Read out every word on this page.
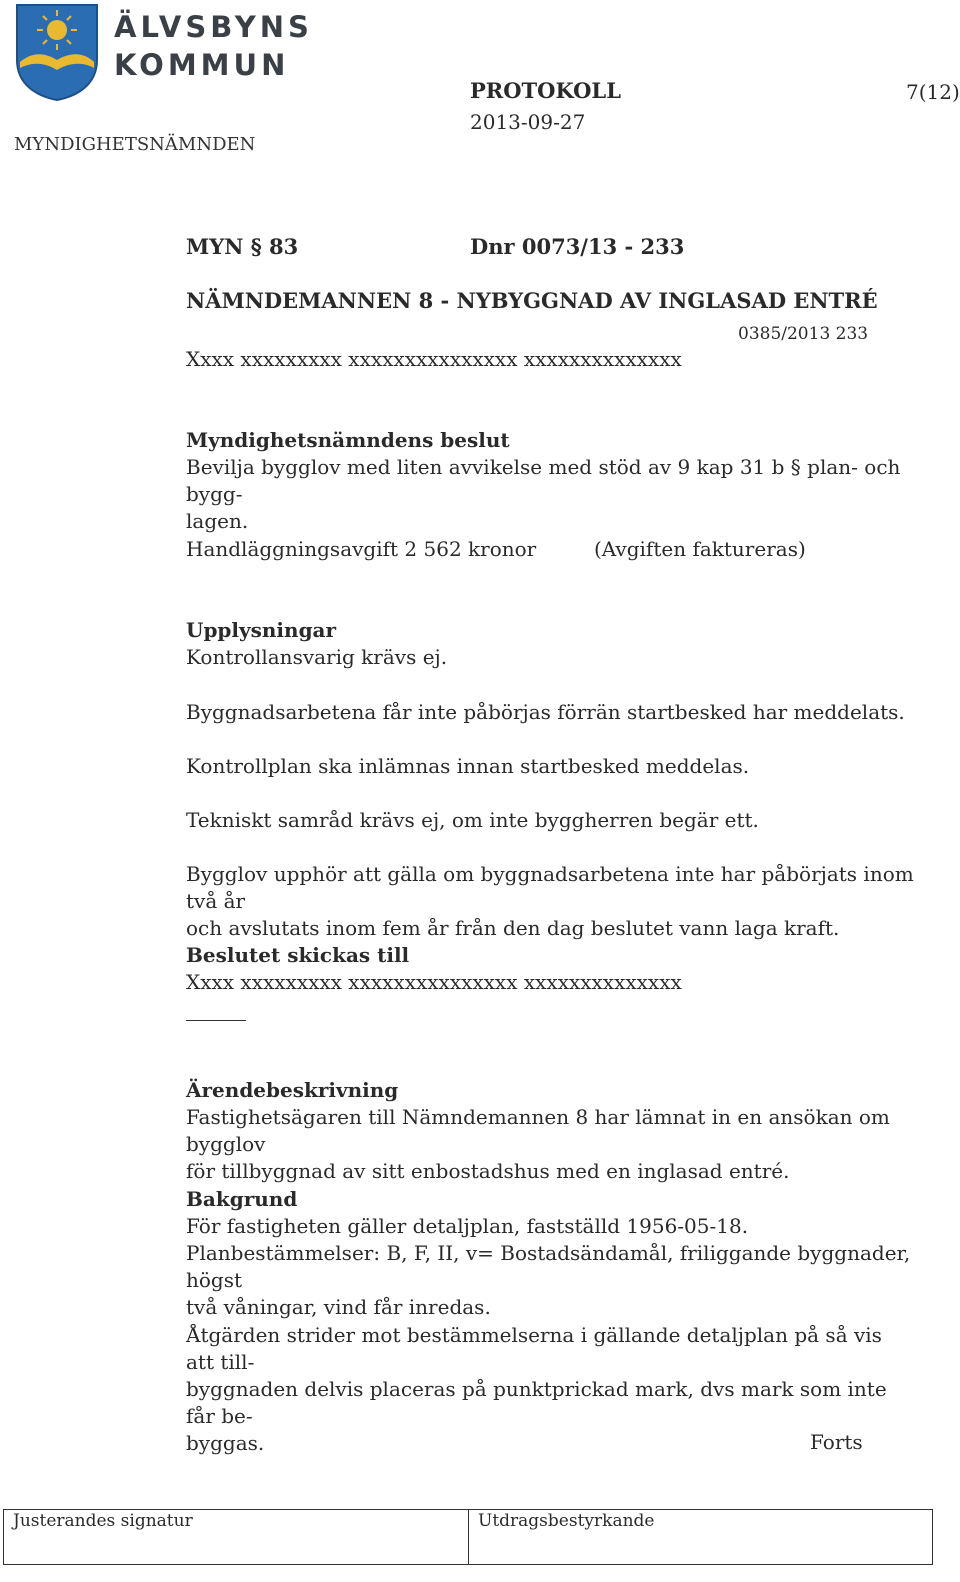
ÄLVSBYNS
KOMMUN
MYNDIGHETSNÄMNDEN
PROTOKOLL
2013-09-27
7(12)
MYN § 83	Dnr 0073/13 - 233
NÄMNDEMANNEN 8 - NYBYGGNAD AV INGLASAD ENTRÉ
0385/2013 233
Xxxx xxxxxxxxx xxxxxxxxxxxxxxx xxxxxxxxxxxxxx
Myndighetsnämndens beslut
Bevilja bygglov med liten avvikelse med stöd av 9 kap 31 b § plan- och bygg-
lagen.
Handläggningsavgift 2 562 kronor	(Avgiften faktureras)
Upplysningar
Kontrollansvarig krävs ej.
Byggnadsarbetena får inte påbörjas förrän startbesked har meddelats.
Kontrollplan ska inlämnas innan startbesked meddelas.
Tekniskt samråd krävs ej, om inte byggherren begär ett.
Bygglov upphör att gälla om byggnadsarbetena inte har påbörjats inom två år
och avslutats inom fem år från den dag beslutet vann laga kraft.
Beslutet skickas till
Xxxx xxxxxxxxx xxxxxxxxxxxxxxx xxxxxxxxxxxxxx
Ärendebeskrivning
Fastighetsägaren till Nämndemannen 8 har lämnat in en ansökan om bygglov
för tillbyggnad av sitt enbostadshus med en inglasad entré.
Bakgrund
För fastigheten gäller detaljplan, fastställd 1956-05-18.
Planbestämmelser: B, F, II, v= Bostadsändamål, friliggande byggnader, högst
två våningar, vind får inredas.
Åtgärden strider mot bestämmelserna i gällande detaljplan på så vis att till-
byggnaden delvis placeras på punktprickad mark, dvs mark som inte får be-
byggas.	Forts
Justerandes signatur	Utdragsbestyrkande
